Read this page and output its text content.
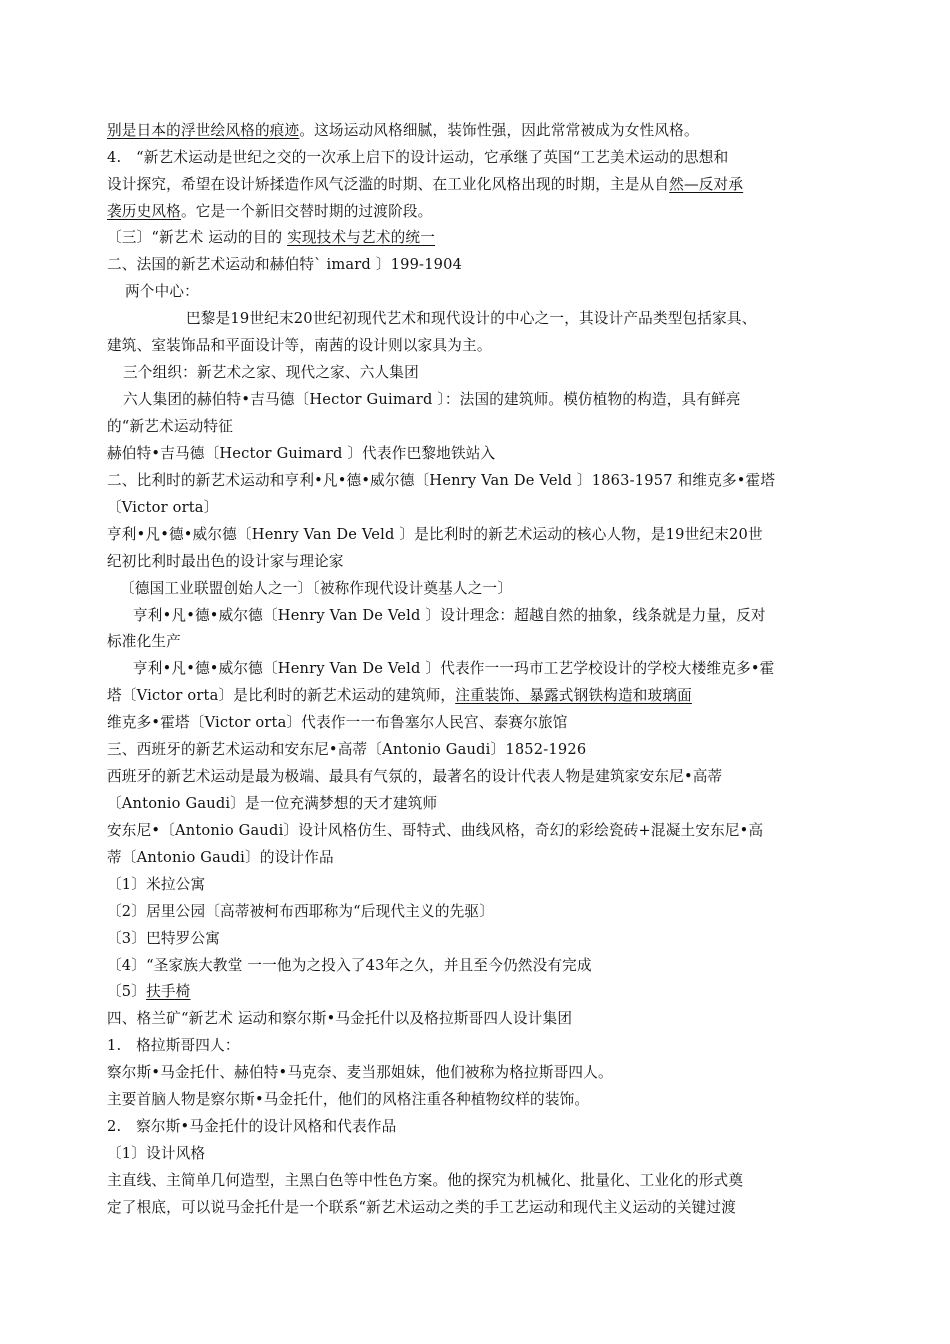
别是日本的浮世绘风格的痕迹。这场运动风格细腻，装饰性强，因此常常被成为女性风格。
4.　“新艺术运动是世纪之交的一次承上启下的设计运动，它承继了英国“工艺美术运动的思想和
设计探究，希望在设计矫揉造作风气泛滥的时期、在工业化风格出现的时期，主是从自然—反对承
袭历史风格。它是一个新旧交替时期的过渡阶段。
〔三〕“新艺术 运动的目的 实现技术与艺术的统一
二、法国的新艺术运动和赫伯特` imard 〕199-1904
两个中心：
巴黎是19世纪末20世纪初现代艺术和现代设计的中心之一，其设计产品类型包括家具、
建筑、室装饰品和平面设计等，南茜的设计则以家具为主。
三个组织：新艺术之家、现代之家、六人集团
六人集团的赫伯特•吉马德〔Hector Guimard 〕：法国的建筑师。模仿植物的构造，具有鲜亮
的“新艺术运动特征
赫伯特•吉马德〔Hector Guimard 〕代表作巴黎地铁站入
二、比利时的新艺术运动和亨利•凡•德•威尔德〔Henry Van De Veld 〕1863-1957 和维克多•霍塔
〔Victor orta〕
亨利•凡•德•威尔德〔Henry Van De Veld 〕是比利时的新艺术运动的核心人物，是19世纪末20世
纪初比利时最出色的设计家与理论家
〔德国工业联盟创始人之一〕〔被称作现代设计奠基人之一〕
亨利•凡•德•威尔德〔Henry Van De Veld 〕设计理念：超越自然的抽象，线条就是力量，反对
标准化生产
亨利•凡•德•威尔德〔Henry Van De Veld 〕代表作一一玛市工艺学校设计的学校大楼维克多•霍
塔〔Victor orta〕是比利时的新艺术运动的建筑师，注重装饰、暴露式钢铁构造和玻璃面
维克多•霍塔〔Victor orta〕代表作一一布鲁塞尔人民宫、泰赛尔旅馆
三、西班牙的新艺术运动和安东尼•高蒂〔Antonio Gaudi〕1852-1926
西班牙的新艺术运动是最为极端、最具有气氛的，最著名的设计代表人物是建筑家安东尼•高蒂
〔Antonio Gaudi〕是一位充满梦想的天才建筑师
安东尼•〔Antonio Gaudi〕设计风格仿生、哥特式、曲线风格，奇幻的彩绘瓷砖+混凝土安东尼•高
蒂〔Antonio Gaudi〕的设计作品
〔1〕米拉公寓
〔2〕居里公园〔高蒂被柯布西耶称为“后现代主义的先驱〕
〔3〕巴特罗公寓
〔4〕“圣家族大教堂 一一他为之投入了43年之久，并且至今仍然没有完成
〔5〕扶手椅
四、格兰矿“新艺术 运动和察尔斯•马金托什以及格拉斯哥四人设计集团
1.　格拉斯哥四人：
察尔斯•马金托什、赫伯特•马克奈、麦当那姐妹，他们被称为格拉斯哥四人。
主要首脑人物是察尔斯•马金托什，他们的风格注重各种植物纹样的装饰。
2.　察尔斯•马金托什的设计风格和代表作品
〔1〕设计风格
主直线、主简单几何造型，主黑白色等中性色方案。他的探究为机械化、批量化、工业化的形式奠
定了根底，可以说马金托什是一个联系“新艺术运动之类的手工艺运动和现代主义运动的关键过渡
